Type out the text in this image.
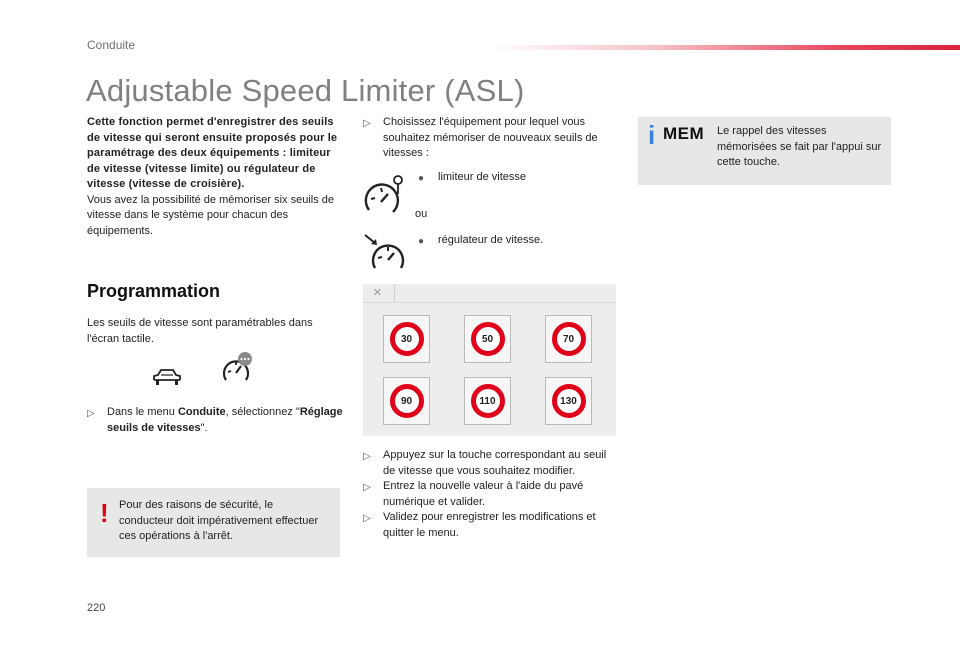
Conduite
Adjustable Speed Limiter (ASL)
Cette fonction permet d'enregistrer des seuils de vitesse qui seront ensuite proposés pour le paramétrage des deux équipements : limiteur de vitesse (vitesse limite) ou régulateur de vitesse (vitesse de croisière).
Vous avez la possibilité de mémoriser six seuils de vitesse dans le système pour chacun des équipements.
Programmation
Les seuils de vitesse sont paramétrables dans l'écran tactile.
▷	Dans le menu Conduite, sélectionnez "Réglage seuils de vitesses".
! Pour des raisons de sécurité, le conducteur doit impérativement effectuer ces opérations à l'arrêt.
▷	Choisissez l'équipement pour lequel vous souhaitez mémoriser de nouveaux seuils de vitesses :
●	limiteur de vitesse
ou
●	régulateur de vitesse.
×
30	50	70
90	110	130
▷	Appuyez sur la touche correspondant au seuil de vitesse que vous souhaitez modifier.
▷	Entrez la nouvelle valeur à l'aide du pavé numérique et valider.
▷	Validez pour enregistrer les modifications et quitter le menu.
i MEM Le rappel des vitesses mémorisées se fait par l'appui sur cette touche.
220
